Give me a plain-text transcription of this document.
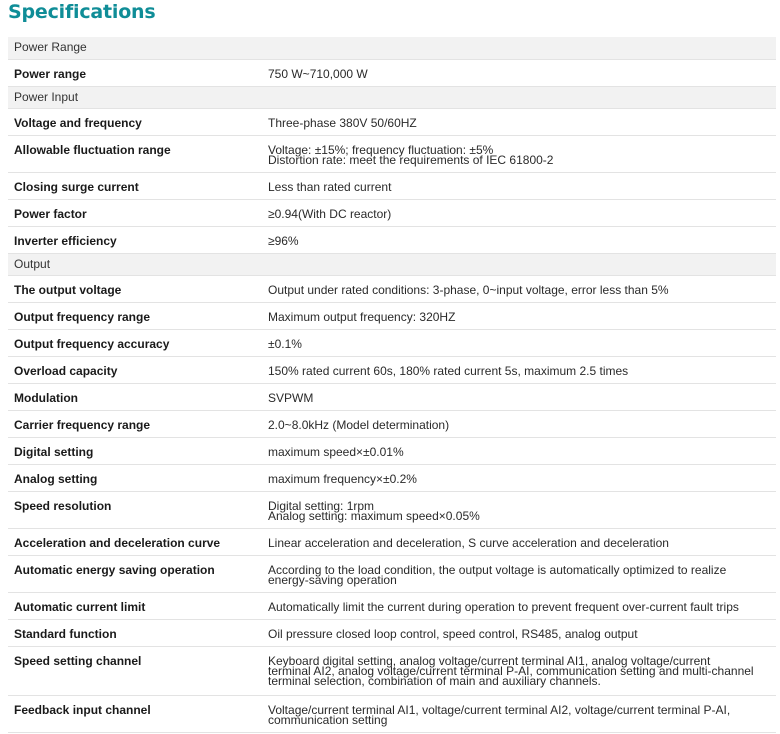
Specifications
Power Range	
Power range	750 W~710,000 W
Power Input	
Voltage and frequency	Three-phase 380V 50/60HZ
Allowable fluctuation range	Voltage: ±15%; frequency fluctuation: ±5%
Distortion rate: meet the requirements of IEC 61800-2

Closing surge current	Less than rated current
Power factor	≥0.94(With DC reactor)
Inverter efficiency	≥96%
Output	
The output voltage	Output under rated conditions: 3-phase, 0~input voltage, error less than 5%
Output frequency range	Maximum output frequency: 320HZ
Output frequency accuracy	±0.1%
Overload capacity	150% rated current 60s, 180% rated current 5s, maximum 2.5 times
Modulation	SVPWM
Carrier frequency range	2.0~8.0kHz (Model determination)
Digital setting	maximum speed×±0.01%
Analog setting	maximum frequency×±0.2%
Speed resolution	Digital setting: 1rpm
Analog setting: maximum speed×0.05%

Acceleration and deceleration curve	Linear acceleration and deceleration, S curve acceleration and deceleration
Automatic energy saving operation	According to the load condition, the output voltage is automatically optimized to realize
energy-saving operation

Automatic current limit	Automatically limit the current during operation to prevent frequent over-current fault trips
Standard function	Oil pressure closed loop control, speed control, RS485, analog output
Speed setting channel	Keyboard digital setting, analog voltage/current terminal AI1, analog voltage/current
terminal AI2, analog voltage/current terminal P-AI, communication setting and multi-channel
terminal selection, combination of main and auxiliary channels.

Feedback input channel	Voltage/current terminal AI1, voltage/current terminal AI2, voltage/current terminal P-AI,
communication setting
